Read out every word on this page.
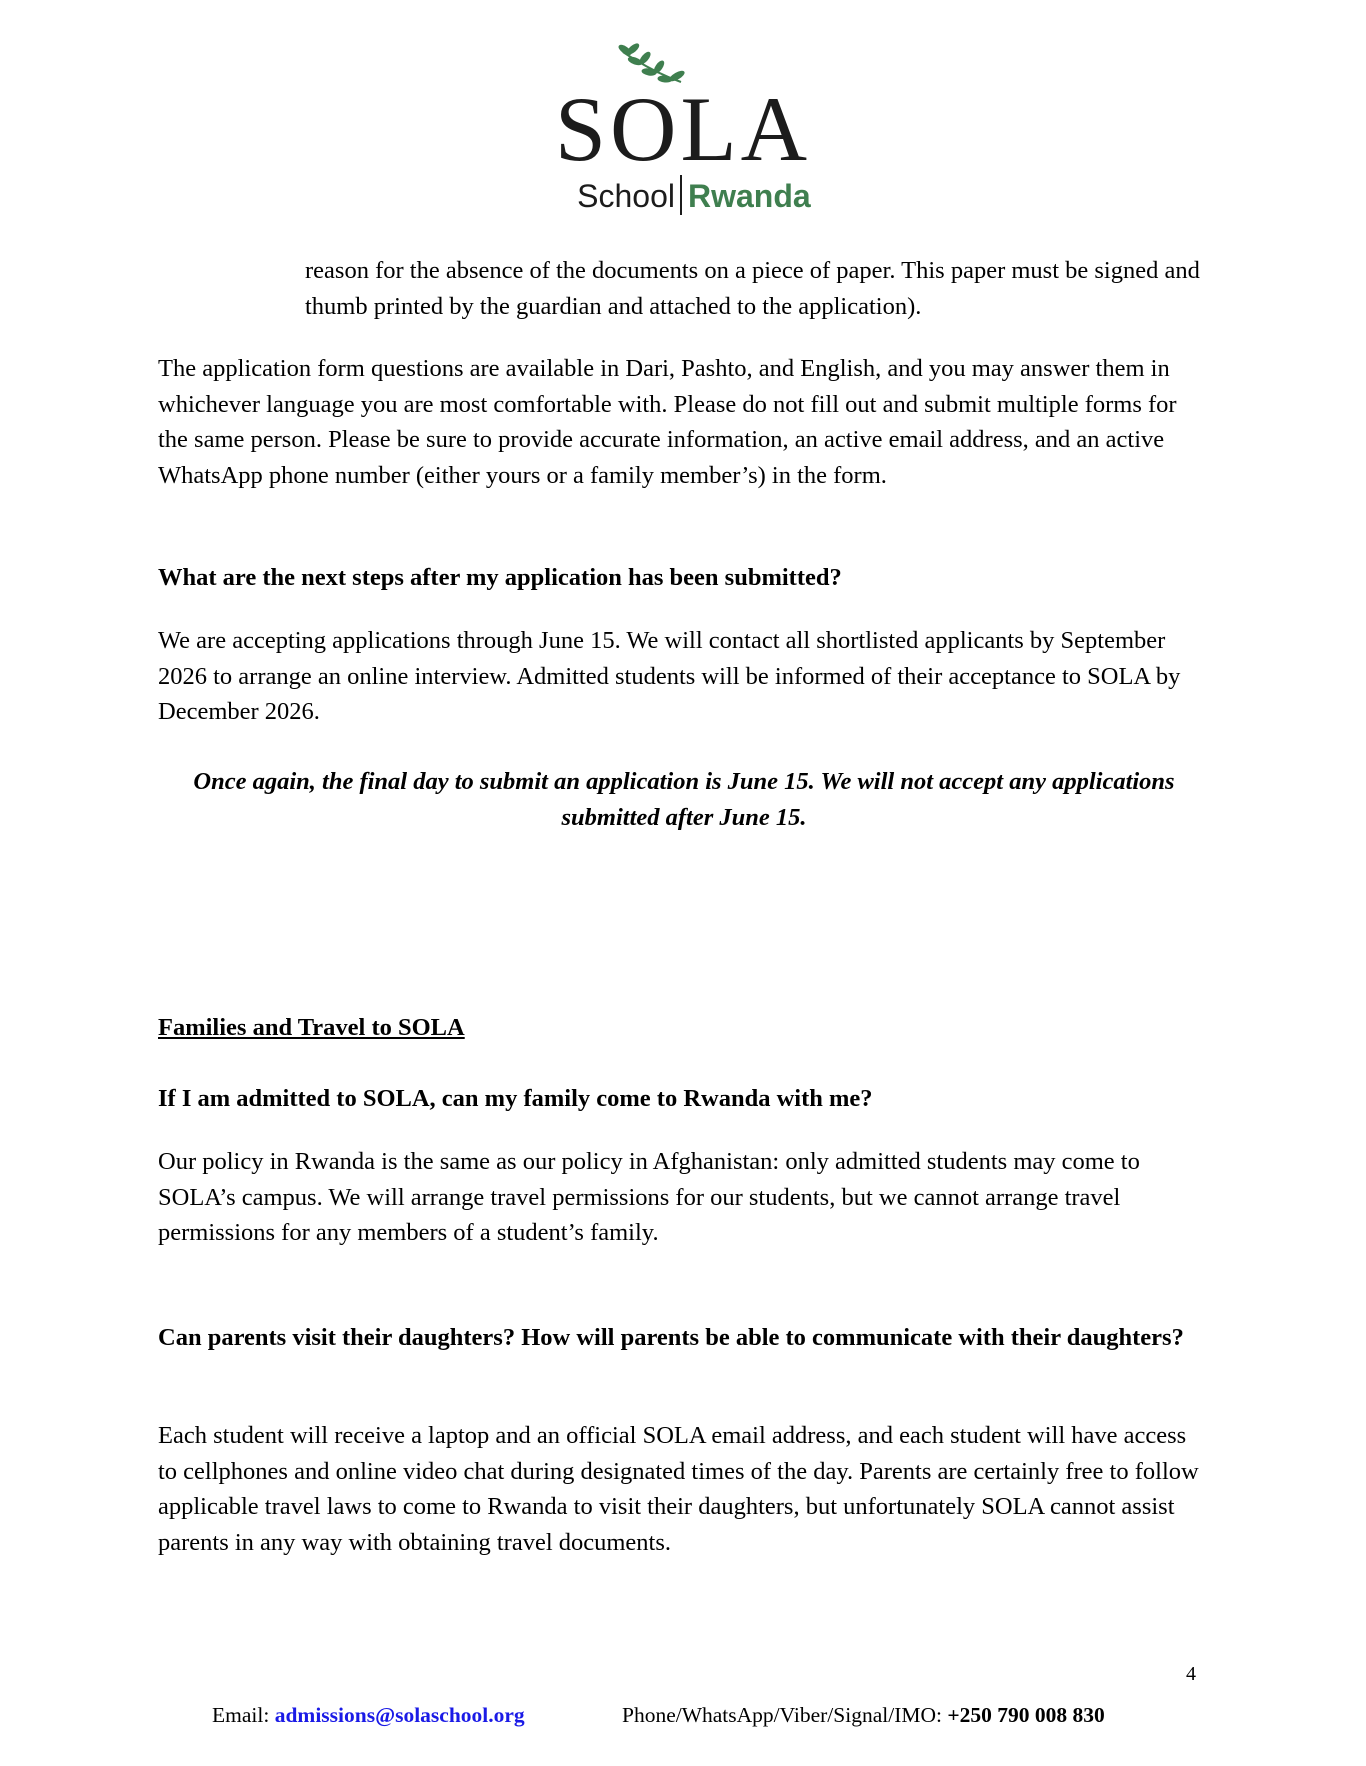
SOLA
School Rwanda

reason for the absence of the documents on a piece of paper. This paper must be signed and thumb printed by the guardian and attached to the application).

The application form questions are available in Dari, Pashto, and English, and you may answer them in whichever language you are most comfortable with. Please do not fill out and submit multiple forms for the same person. Please be sure to provide accurate information, an active email address, and an active WhatsApp phone number (either yours or a family member’s) in the form.

What are the next steps after my application has been submitted?

We are accepting applications through June 15. We will contact all shortlisted applicants by September 2026 to arrange an online interview. Admitted students will be informed of their acceptance to SOLA by December 2026.

Once again, the final day to submit an application is June 15. We will not accept any applications submitted after June 15.

Families and Travel to SOLA

If I am admitted to SOLA, can my family come to Rwanda with me?

Our policy in Rwanda is the same as our policy in Afghanistan: only admitted students may come to SOLA’s campus. We will arrange travel permissions for our students, but we cannot arrange travel permissions for any members of a student’s family.

Can parents visit their daughters? How will parents be able to communicate with their daughters?

Each student will receive a laptop and an official SOLA email address, and each student will have access to cellphones and online video chat during designated times of the day. Parents are certainly free to follow applicable travel laws to come to Rwanda to visit their daughters, but unfortunately SOLA cannot assist parents in any way with obtaining travel documents.

4
Email: admissions@solaschool.org	Phone/WhatsApp/Viber/Signal/IMO: +250 790 008 830
